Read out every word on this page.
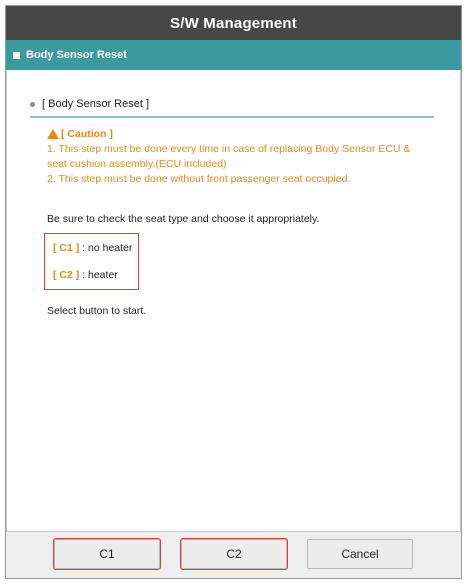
S/W Management
Body Sensor Reset
[ Body Sensor Reset ]
[ Caution ]
1. This step must be done every time in case of replacing Body Sensor ECU &
seat cushion assembly.(ECU included)
2. This step must be done without front passenger seat occupied.
Be sure to check the seat type and choose it appropriately.
[ C1 ] : no heater
[ C2 ] : heater
Select button to start.
C1	C2	Cancel
